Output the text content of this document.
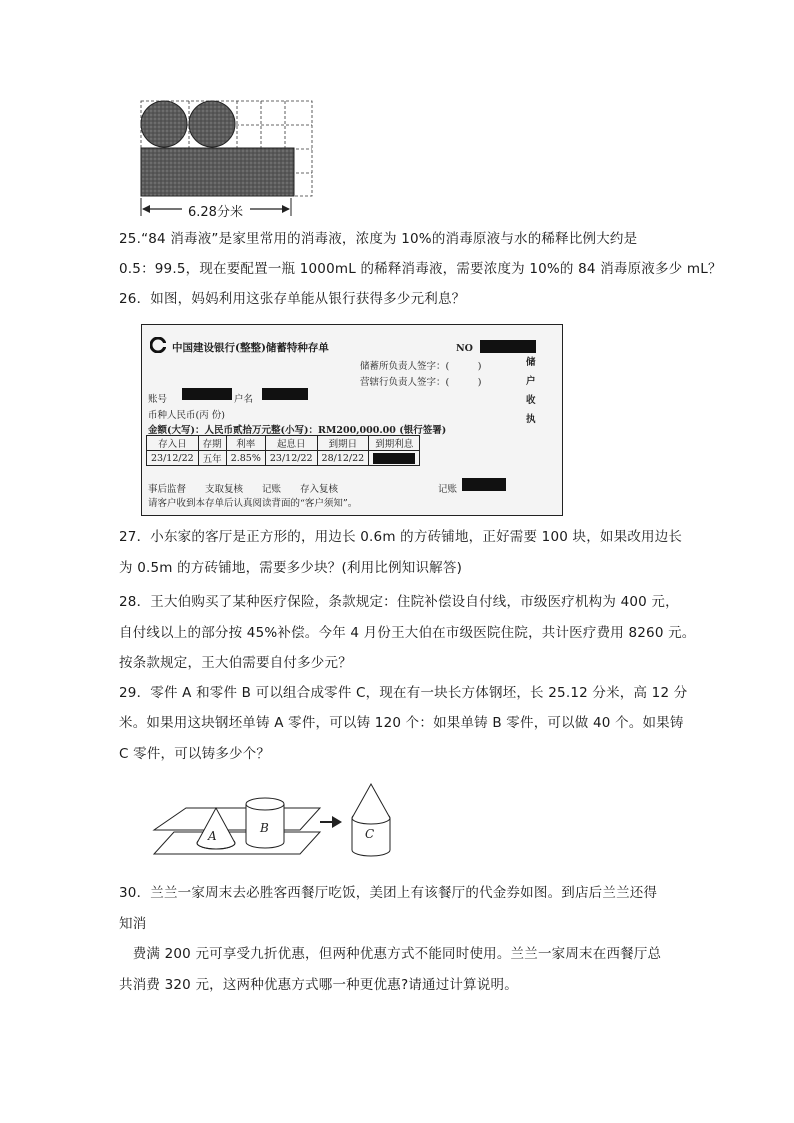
6.28分米
25.“84 消毒液”是家里常用的消毒液，浓度为 10%的消毒原液与水的稀释比例大约是
0.5：99.5，现在要配置一瓶 1000mL 的稀释消毒液，需要浓度为 10%的 84 消毒原液多少 mL？
26．如图，妈妈利用这张存单能从银行获得多少元利息？
中国建设银行(整整)储蓄特种存单	NO
储蓄所负责人签字：(　　　)
营辖行负责人签字：(　　　)
储户收执
账号	户名
币种人民币(丙 份)
金额(大写)：人民币贰拾万元整(小写)：RM200,000.00 (银行签署)
存入日	存期	利率	起息日	到期日	到期利息
23/12/22	五年	2.85%	23/12/22	28/12/22	
事后监督　　支取复核　　记账　　存入复核	记账
请客户收到本存单后认真阅读背面的“客户须知”。
27．小东家的客厅是正方形的，用边长 0.6m 的方砖铺地，正好需要 100 块，如果改用边长
为 0.5m 的方砖铺地，需要多少块？(利用比例知识解答)
28．王大伯购买了某种医疗保险，条款规定：住院补偿设自付线，市级医疗机构为 400 元，
自付线以上的部分按 45%补偿。今年 4 月份王大伯在市级医院住院，共计医疗费用 8260 元。
按条款规定，王大伯需要自付多少元？
29．零件 A 和零件 B 可以组合成零件 C，现在有一块长方体钢坯，长 25.12 分米，高 12 分
米。如果用这块钢坯单铸 A 零件，可以铸 120 个：如果单铸 B 零件，可以做 40 个。如果铸
C 零件，可以铸多少个？
A
B	C
30．兰兰一家周末去必胜客西餐厅吃饭，美团上有该餐厅的代金券如图。到店后兰兰还得
知消
　费满 200 元可享受九折优惠，但两种优惠方式不能同时使用。兰兰一家周末在西餐厅总
共消费 320 元，这两种优惠方式哪一种更优惠?请通过计算说明。
